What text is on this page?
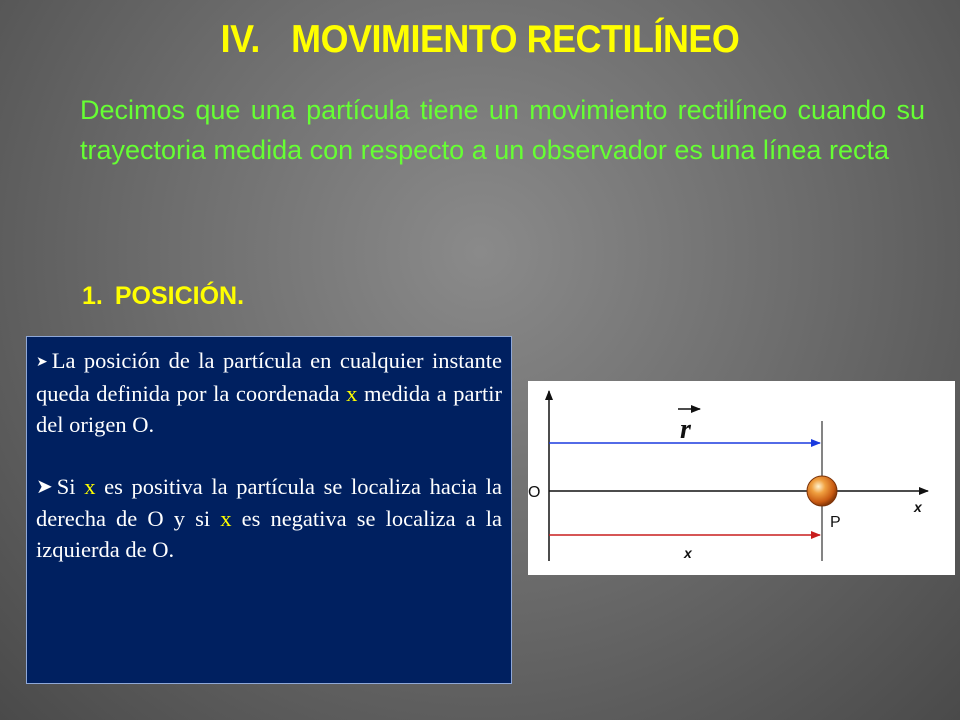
IV. MOVIMIENTO RECTILÍNEO
Decimos que una partícula tiene un movimiento rectilíneo cuando su trayectoria medida con respecto a un observador es una línea recta
1. POSICIÓN.

➤ La posición de la partícula en cualquier instante queda definida por la coordenada x medida a partir del origen O.

➤ Si x es positiva la partícula se localiza hacia la derecha de O y si x es negativa se localiza a la izquierda de O.

r
x
O
P
x
